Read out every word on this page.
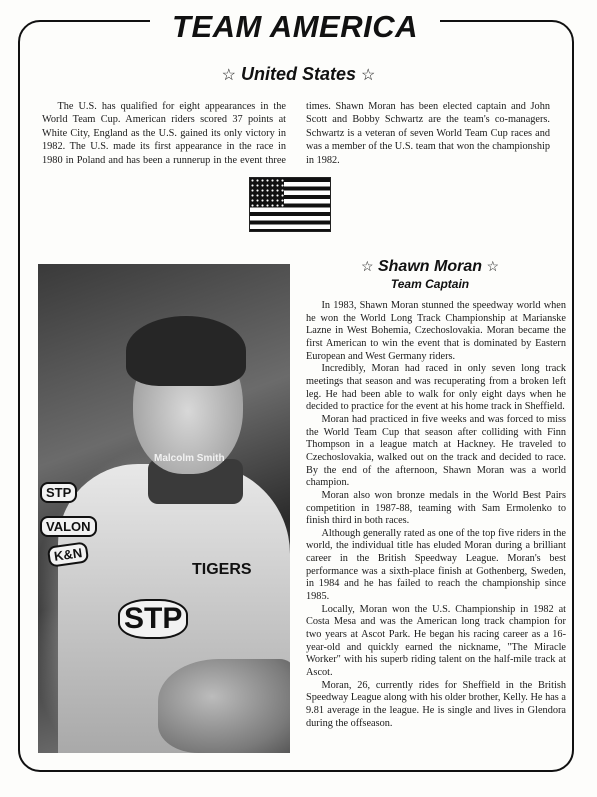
TEAM AMERICA
☆ United States ☆

The U.S. has qualified for eight appearances in the World Team Cup. American riders scored 37 points at White City, England as the U.S. gained its only victory in 1982. The U.S. made its first appearance in the race in 1980 in Poland and has been a runnerup in the event three times. Shawn Moran has been elected captain and John Scott and Bobby Schwartz are the team's co-managers. Schwartz is a veteran of seven World Team Cup races and was a member of the U.S. team that won the championship in 1982.

STP
VALON
K&N
Malcolm Smith
STP
TIGERS
☆ Shawn Moran ☆
Team Captain

In 1983, Shawn Moran stunned the speedway world when he won the World Long Track Championship at Marianske Lazne in West Bohemia, Czechoslovakia. Moran became the first American to win the event that is dominated by Eastern European and West Germany riders.

Incredibly, Moran had raced in only seven long track meetings that season and was recuperating from a broken left leg. He had been able to walk for only eight days when he decided to practice for the event at his home track in Sheffield.

Moran had practiced in five weeks and was forced to miss the World Team Cup that season after colliding with Finn Thompson in a league match at Hackney. He traveled to Czechoslovakia, walked out on the track and decided to race. By the end of the afternoon, Shawn Moran was a world champion.

Moran also won bronze medals in the World Best Pairs competition in 1987-88, teaming with Sam Ermolenko to finish third in both races.

Although generally rated as one of the top five riders in the world, the individual title has eluded Moran during a brilliant career in the British Speedway League. Moran's best performance was a sixth-place finish at Gothenberg, Sweden, in 1984 and he has failed to reach the championship since 1985.

Locally, Moran won the U.S. Championship in 1982 at Costa Mesa and was the American long track champion for two years at Ascot Park. He began his racing career as a 16-year-old and quickly earned the nickname, "The Miracle Worker" with his superb riding talent on the half-mile track at Ascot.

Moran, 26, currently rides for Sheffield in the British Speedway League along with his older brother, Kelly. He has a 9.81 average in the league. He is single and lives in Glendora during the offseason.
